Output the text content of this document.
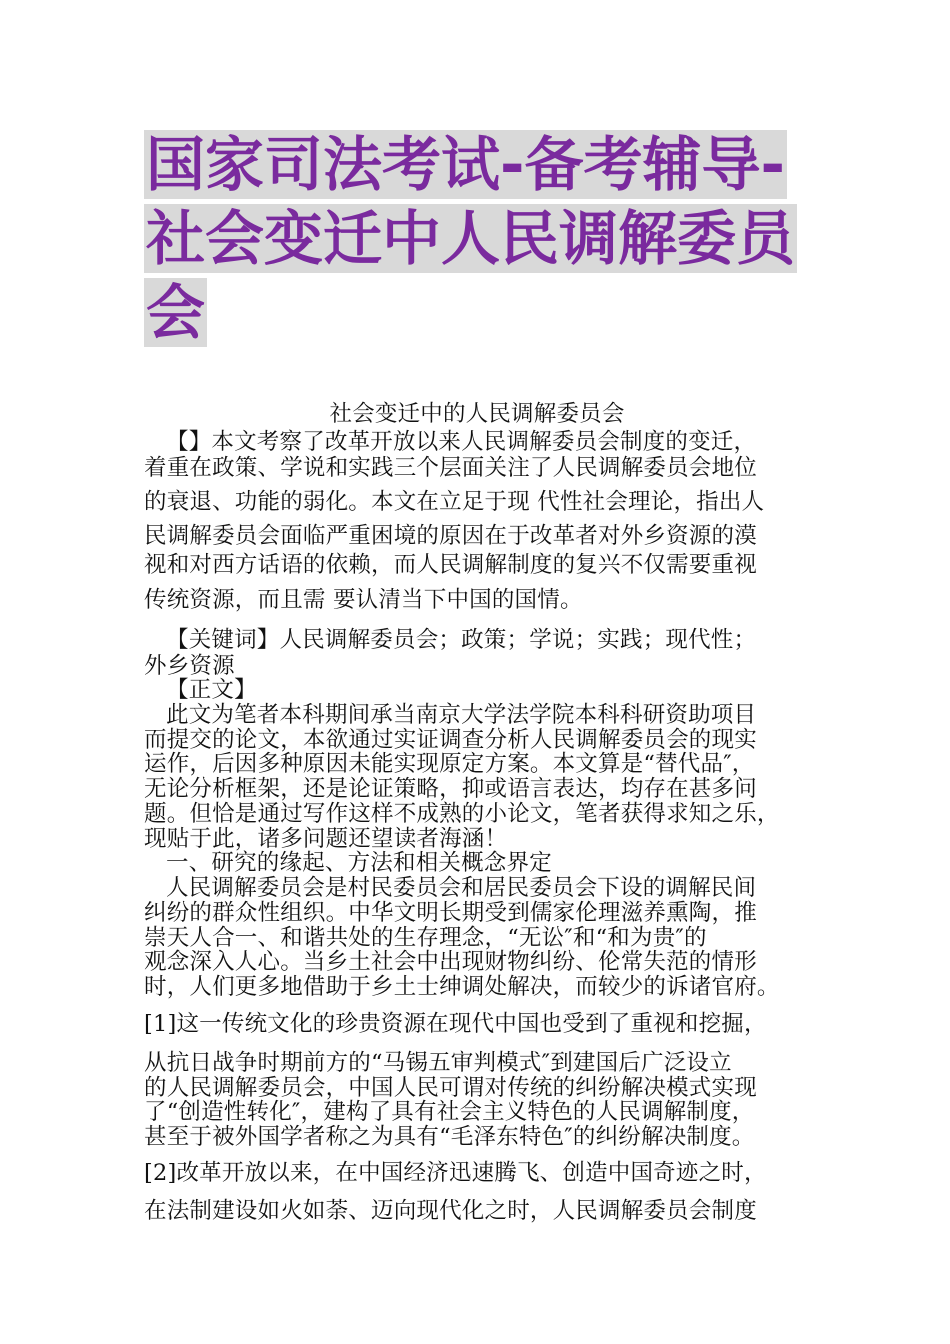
国家司法考试-备考辅导-
社会变迁中人民调解委员
会
社会变迁中的人民调解委员会
【】本文考察了改革开放以来人民调解委员会制度的变迁，
着重在政策、学说和实践三个层面关注了人民调解委员会地位
的衰退、功能的弱化。本文在立足于现 代性社会理论，指出人
民调解委员会面临严重困境的原因在于改革者对外乡资源的漠
视和对西方话语的依赖，而人民调解制度的复兴不仅需要重视
传统资源，而且需 要认清当下中国的国情。
【关键词】人民调解委员会；政策；学说；实践；现代性；
外乡资源
【正文】
此文为笔者本科期间承当南京大学法学院本科科研资助项目
而提交的论文，本欲通过实证调查分析人民调解委员会的现实
运作，后因多种原因未能实现原定方案。本文算是“替代品″，
无论分析框架，还是论证策略，抑或语言表达，均存在甚多问
题。但恰是通过写作这样不成熟的小论文，笔者获得求知之乐，
现贴于此，诸多问题还望读者海涵！
一、研究的缘起、方法和相关概念界定
人民调解委员会是村民委员会和居民委员会下设的调解民间
纠纷的群众性组织。中华文明长期受到儒家伦理滋养熏陶，推
崇天人合一、和谐共处的生存理念，“无讼″和“和为贵″的
观念深入人心。当乡土社会中出现财物纠纷、伦常失范的情形
时，人们更多地借助于乡土士绅调处解决，而较少的诉诸官府。
[1]这一传统文化的珍贵资源在现代中国也受到了重视和挖掘，
从抗日战争时期前方的“马锡五审判模式″到建国后广泛设立
的人民调解委员会，中国人民可谓对传统的纠纷解决模式实现
了“创造性转化″，建构了具有社会主义特色的人民调解制度，
甚至于被外国学者称之为具有“毛泽东特色″的纠纷解决制度。
[2]改革开放以来，在中国经济迅速腾飞、创造中国奇迹之时，
在法制建设如火如荼、迈向现代化之时，人民调解委员会制度
